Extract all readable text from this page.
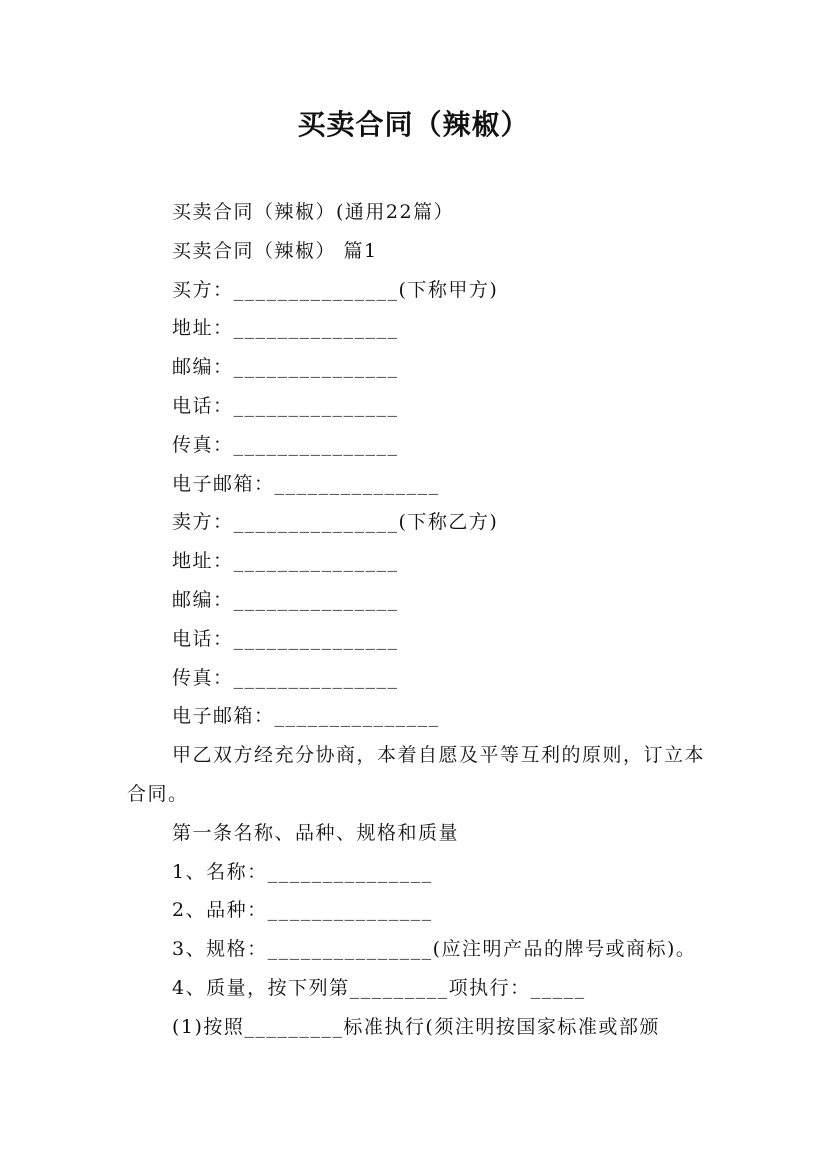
买卖合同（辣椒）
买卖合同（辣椒）(通用22篇）
买卖合同（辣椒） 篇1
买方：_______________(下称甲方)
地址：_______________
邮编：_______________
电话：_______________
传真：_______________
电子邮箱：_______________
卖方：_______________(下称乙方)
地址：_______________
邮编：_______________
电话：_______________
传真：_______________
电子邮箱：_______________
甲乙双方经充分协商，本着自愿及平等互利的原则，订立本合同。
第一条名称、品种、规格和质量
1、名称：_______________
2、品种：_______________
3、规格：_______________(应注明产品的牌号或商标)。
4、质量，按下列第_________项执行：_____
(1)按照_________标准执行(须注明按国家标准或部颁
